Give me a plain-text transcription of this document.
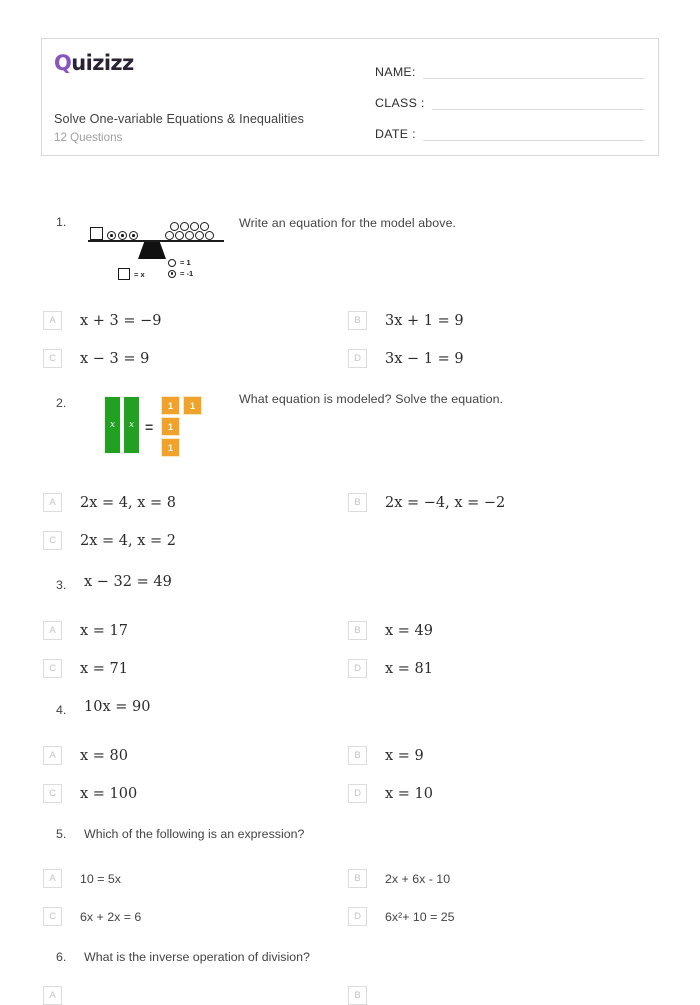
Quizizz
Solve One-variable Equations & Inequalities
12 Questions
NAME:
CLASS :
DATE :
1.	Write an equation for the model above.
= x
= 1
= -1
A	x + 3 = −9	B	3x + 1 = 9
C	x − 3 = 9	D	3x − 1 = 9
2.	What equation is modeled? Solve the equation.
x	x =
1	1
1
1
A	2x = 4, x = 8	B	2x = −4, x = −2
C	2x = 4, x = 2
3. x − 32 = 49
A	x = 17	B	x = 49
C	x = 71	D	x = 81
4. 10x = 90
A	x = 80	B	x = 9
C	x = 100	D	x = 10
5. Which of the following is an expression?
A	10 = 5x	B	2x + 6x - 10
C	6x + 2x = 6	D	6x²+ 10 = 25
6. What is the inverse operation of division?
A	B
